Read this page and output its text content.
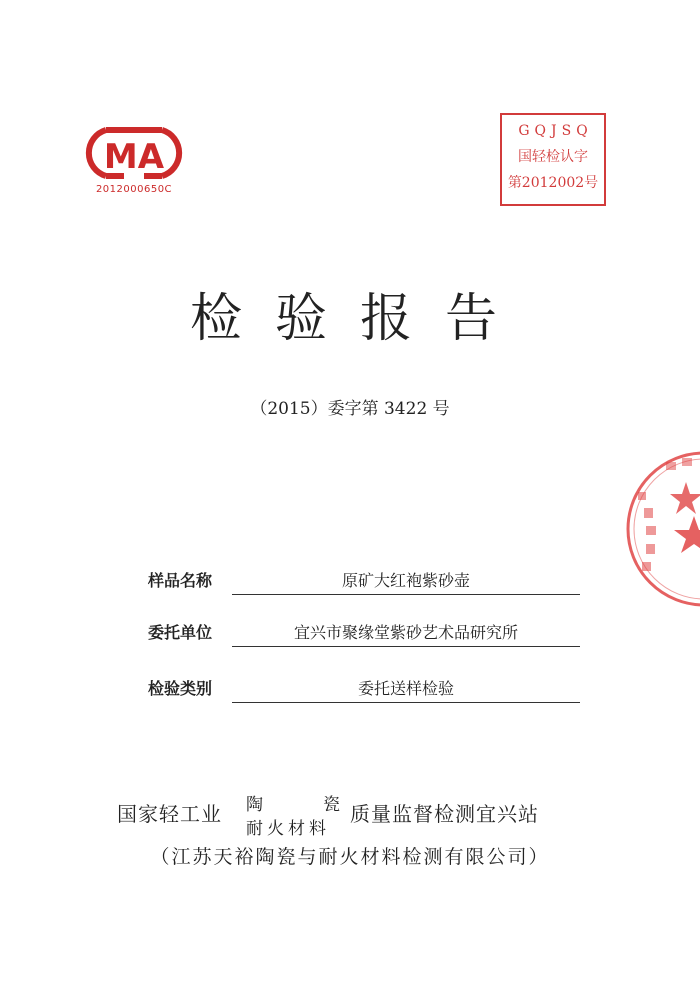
MA
2012000650C
GQJSQ
国轻检认字
第2012002号
检验报告
（2015）委字第 3422 号
样品名称	原矿大红袍紫砂壶
委托单位	宜兴市聚缘堂紫砂艺术品研究所
检验类别	委托送样检验
国家轻工业 陶	瓷
耐火材料
质量监督检测宜兴站
（江苏天裕陶瓷与耐火材料检测有限公司）
